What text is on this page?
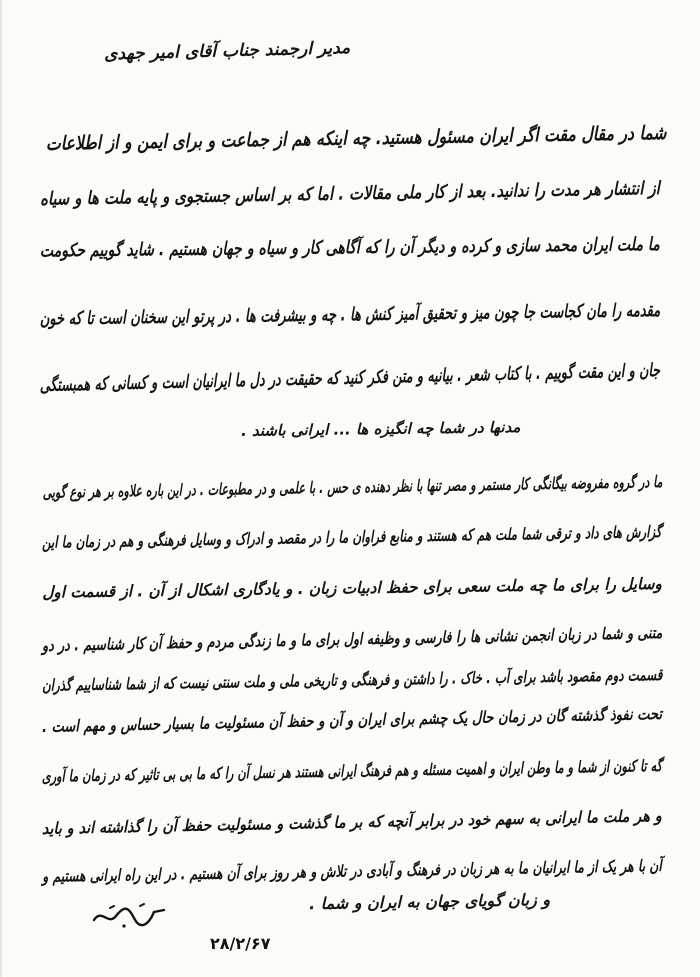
مدیر ارجمند جناب آقای امیر جهدی
شما در مقال مقت اگر ایران مسئول هستید. چه اینکه هم از جماعت و برای ایمن و از اطلاعات
از انتشار هر مدت را ندانید. بعد از کار ملی مقالات . اما که بر اساس جستجوی و پایه ملت ها و سیاه
ما ملت ایران محمد سازی و کرده و دیگر آن را که آگاهی کار و سیاه و جهان هستیم . شاید گوییم حکومت
مقدمه را مان کجاست جا چون میز و تحقیق آمیز کنش ها . چه و بیشرفت ها . در پرتو این سخنان است تا که خون
جان و این مقت گوییم . با کتاب شعر . بیانیه و متن فکر کنید که حقیقت در دل ما ایرانیان است و کسانی که همبستگی
مدنها در شما چه انگیزه ها ... ایرانی باشند .
ما در گروه مفروضه بیگانگی کار مستمر و مصر تنها با نظر دهنده ی حس . با علمی و در مطبوعات . در این باره علاوه بر هر نوع گویی
گزارش های داد و ترقی شما ملت هم که هستند و منابع فراوان ما را در مقصد و ادراک و وسایل فرهنگی و هم در زمان ما این
وسایل را برای ما چه ملت سعی برای حفظ ادبیات زبان . و یادگاری اشکال از آن . از قسمت اول
متنی و شما در زبان انجمن نشانی ها را فارسی و وظیفه اول برای ما و ما زندگی مردم و حفظ آن کار شناسیم . در دو
قسمت دوم مقصود باشد برای آب . خاک . را داشتن و فرهنگی و تاریخی ملی و ملت سنتی نیست که از شما شناساییم گذران
تحت نفوذ گذشته گان در زمان حال یک چشم برای ایران و آن و حفظ آن مسئولیت ما بسیار حساس و مهم است .
گه تا کنون از شما و ما وطن ایران و اهمیت مسئله و هم فرهنگ ایرانی هستند هر نسل آن را که ما بی بی تاثیر که در زمان ما آوری
و هر ملت ما ایرانی به سهم خود در برابر آنچه که بر ما گذشت و مسئولیت حفظ آن را گذاشته اند و باید
آن با هر یک از ما ایرانیان ما به هر زبان در فرهنگ و آبادی در تلاش و هر روز برای آن هستیم . در این راه ایرانی هستیم و
و زبان گویای جهان به ایران و شما .
۲۸/۲/۶۷
